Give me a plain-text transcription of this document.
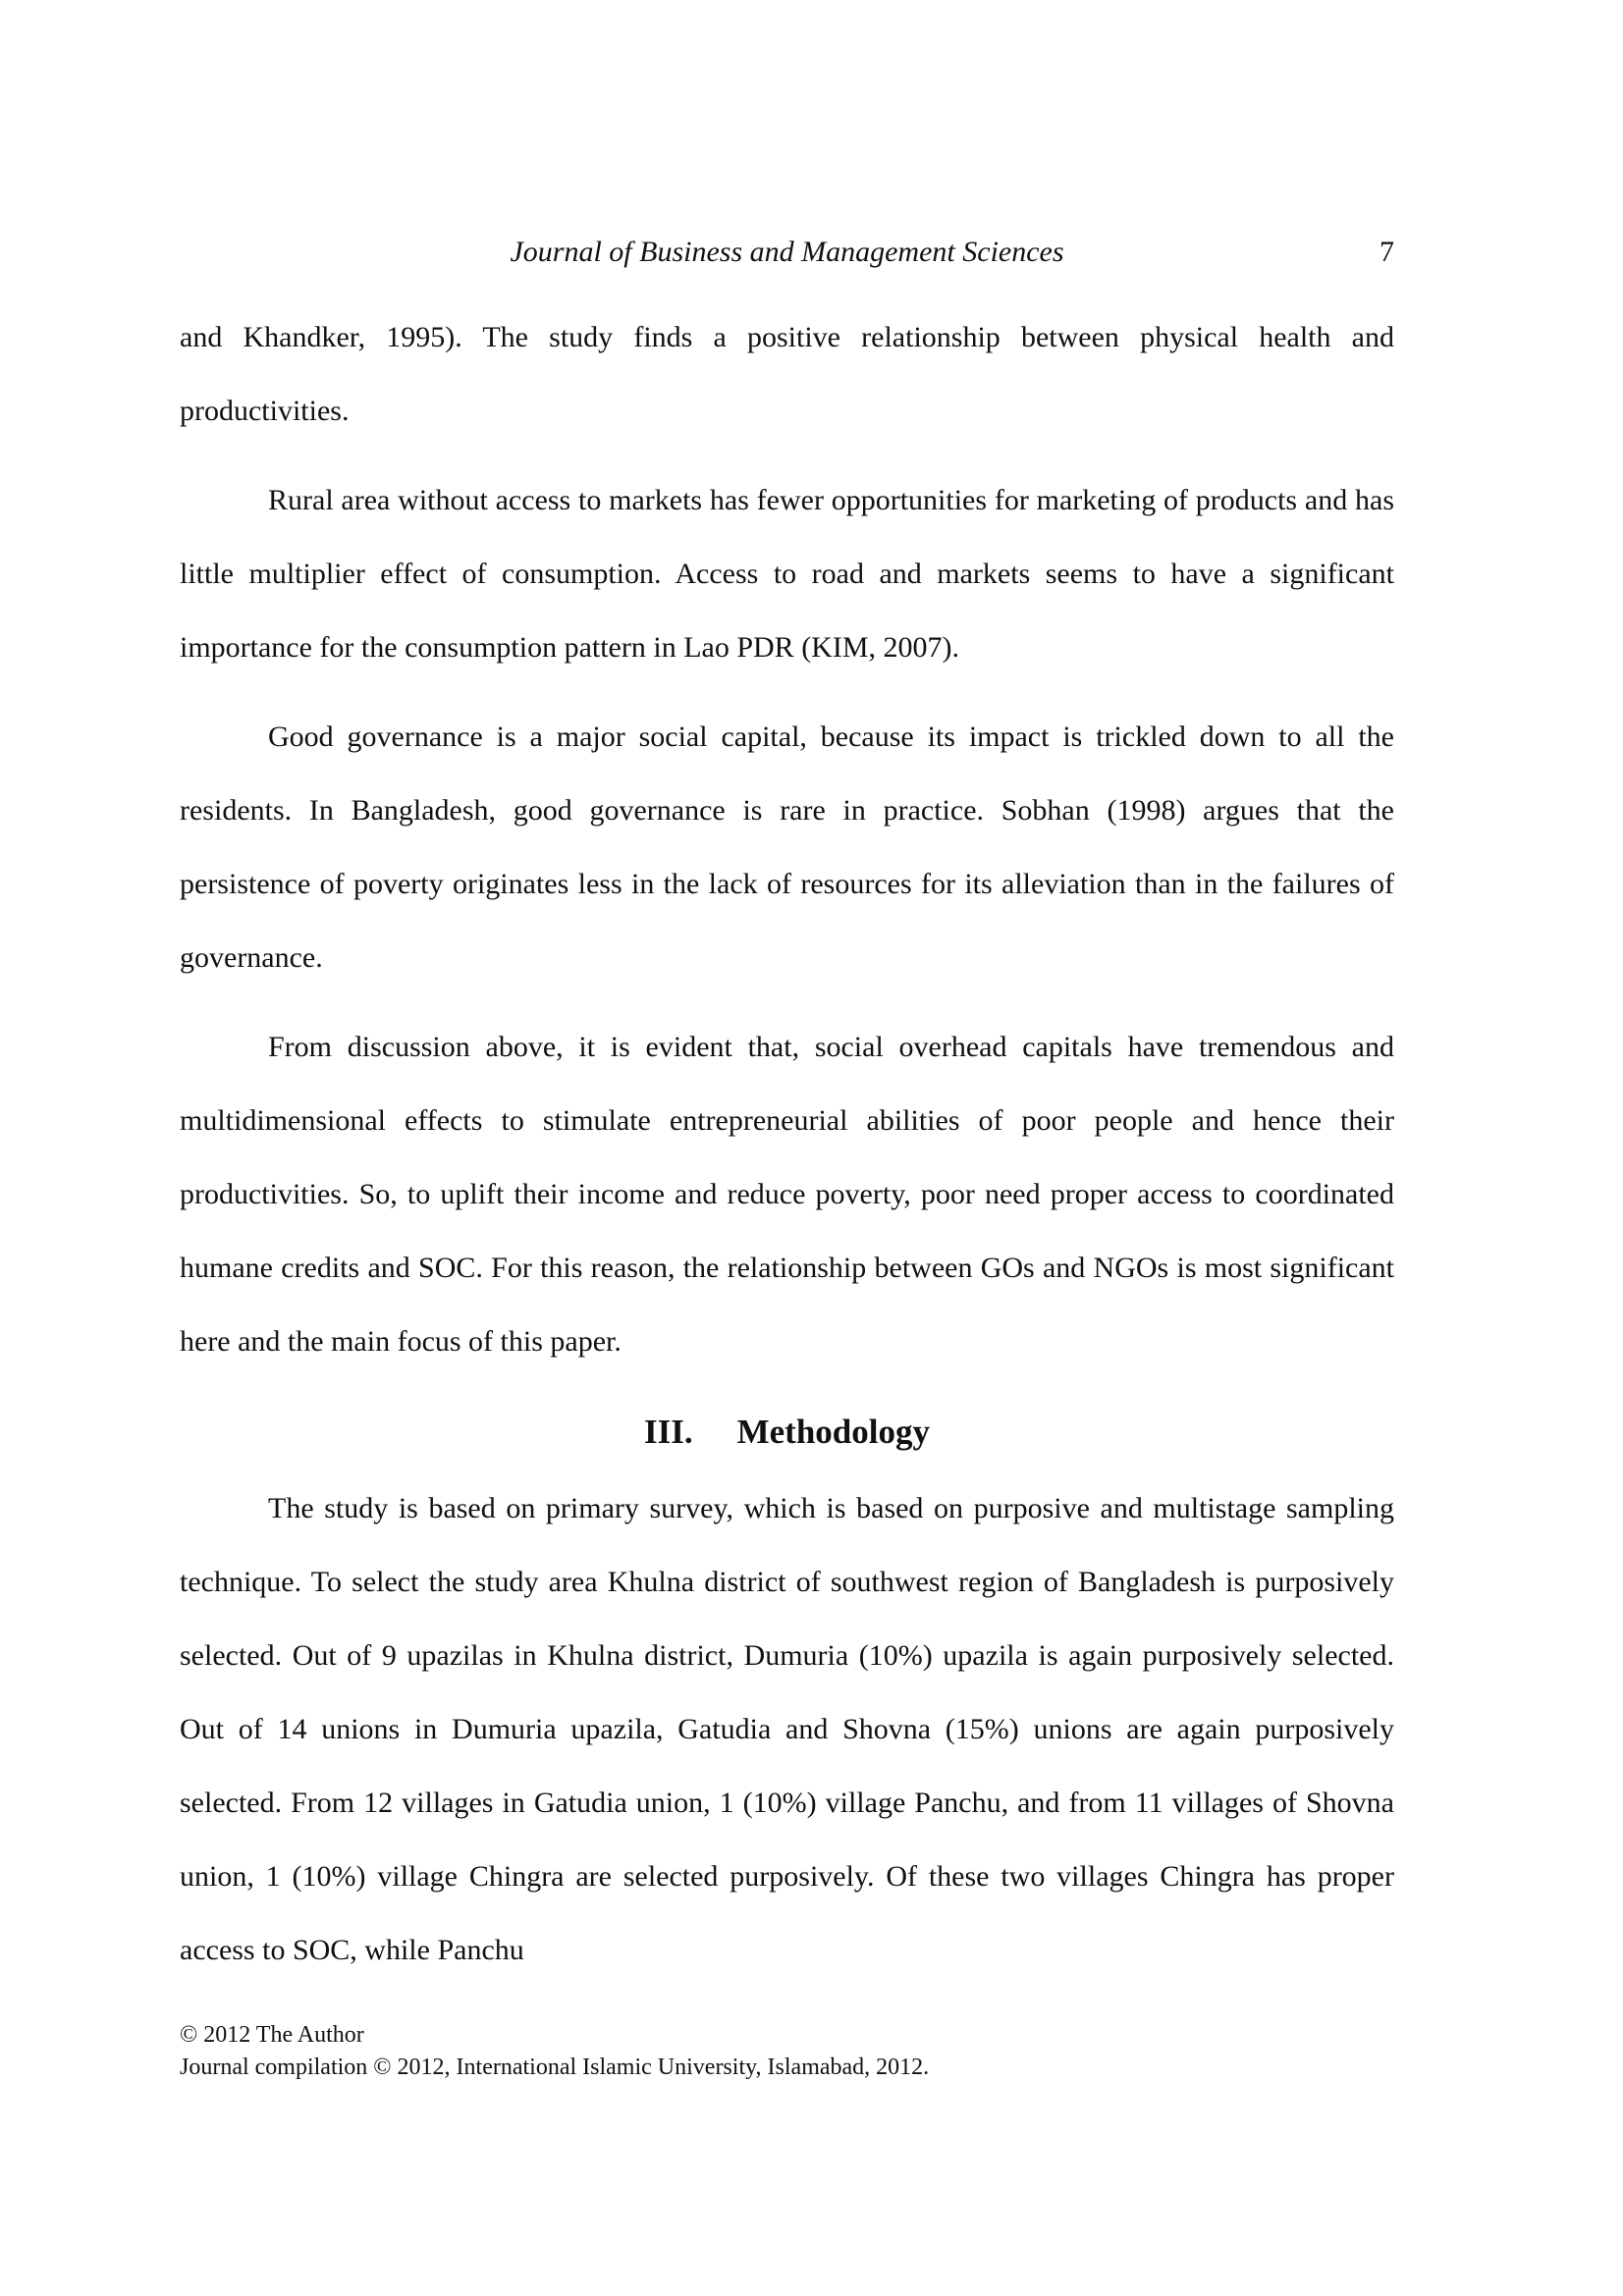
Journal of Business and Management Sciences	7

and Khandker, 1995). The study finds a positive relationship between physical health and productivities.

Rural area without access to markets has fewer opportunities for marketing of products and has little multiplier effect of consumption. Access to road and markets seems to have a significant importance for the consumption pattern in Lao PDR (KIM, 2007).

Good governance is a major social capital, because its impact is trickled down to all the residents. In Bangladesh, good governance is rare in practice. Sobhan (1998) argues that the persistence of poverty originates less in the lack of resources for its alleviation than in the failures of governance.

From discussion above, it is evident that, social overhead capitals have tremendous and multidimensional effects to stimulate entrepreneurial abilities of poor people and hence their productivities. So, to uplift their income and reduce poverty, poor need proper access to coordinated humane credits and SOC. For this reason, the relationship between GOs and NGOs is most significant here and the main focus of this paper.

III. Methodology

The study is based on primary survey, which is based on purposive and multistage sampling technique. To select the study area Khulna district of southwest region of Bangladesh is purposively selected. Out of 9 upazilas in Khulna district, Dumuria (10%) upazila is again purposively selected. Out of 14 unions in Dumuria upazila, Gatudia and Shovna (15%) unions are again purposively selected. From 12 villages in Gatudia union, 1 (10%) village Panchu, and from 11 villages of Shovna union, 1 (10%) village Chingra are selected purposively. Of these two villages Chingra has proper access to SOC, while Panchu

© 2012 The Author
Journal compilation © 2012, International Islamic University, Islamabad, 2012.
